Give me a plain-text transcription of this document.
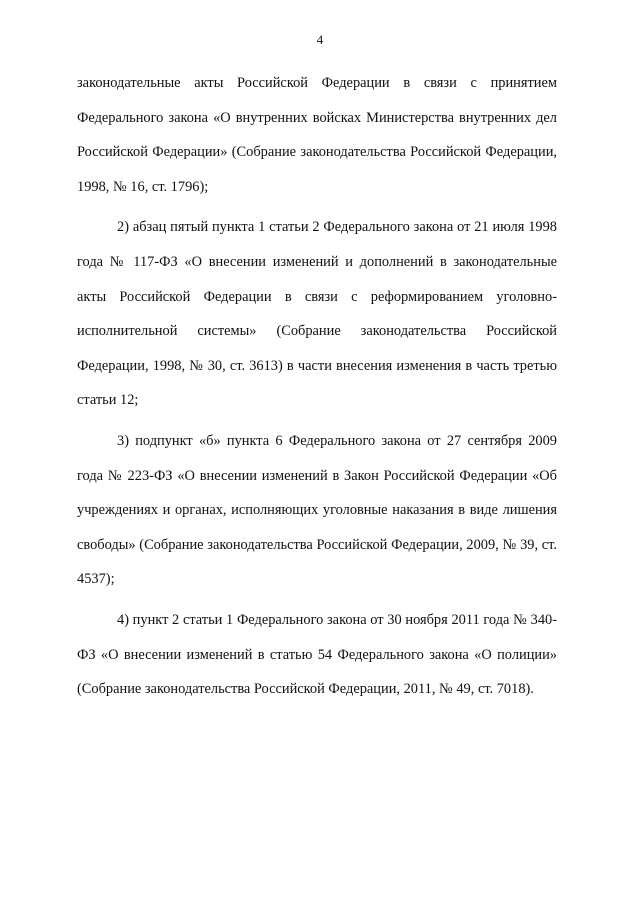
4

законодательные акты Российской Федерации в связи с принятием Федерального закона «О внутренних войсках Министерства внутренних дел Российской Федерации» (Собрание законодательства Российской Федерации, 1998, № 16, ст. 1796);

2) абзац пятый пункта 1 статьи 2 Федерального закона от 21 июля 1998 года № 117-ФЗ «О внесении изменений и дополнений в законодательные акты Российской Федерации в связи с реформированием уголовно-исполнительной системы» (Собрание законодательства Российской Федерации, 1998, № 30, ст. 3613) в части внесения изменения в часть третью статьи 12;

3) подпункт «б» пункта 6 Федерального закона от 27 сентября 2009 года № 223-ФЗ «О внесении изменений в Закон Российской Федерации «Об учреждениях и органах, исполняющих уголовные наказания в виде лишения свободы» (Собрание законодательства Российской Федерации, 2009, № 39, ст. 4537);

4) пункт 2 статьи 1 Федерального закона от 30 ноября 2011 года № 340-ФЗ «О внесении изменений в статью 54 Федерального закона «О полиции» (Собрание законодательства Российской Федерации, 2011, № 49, ст. 7018).
